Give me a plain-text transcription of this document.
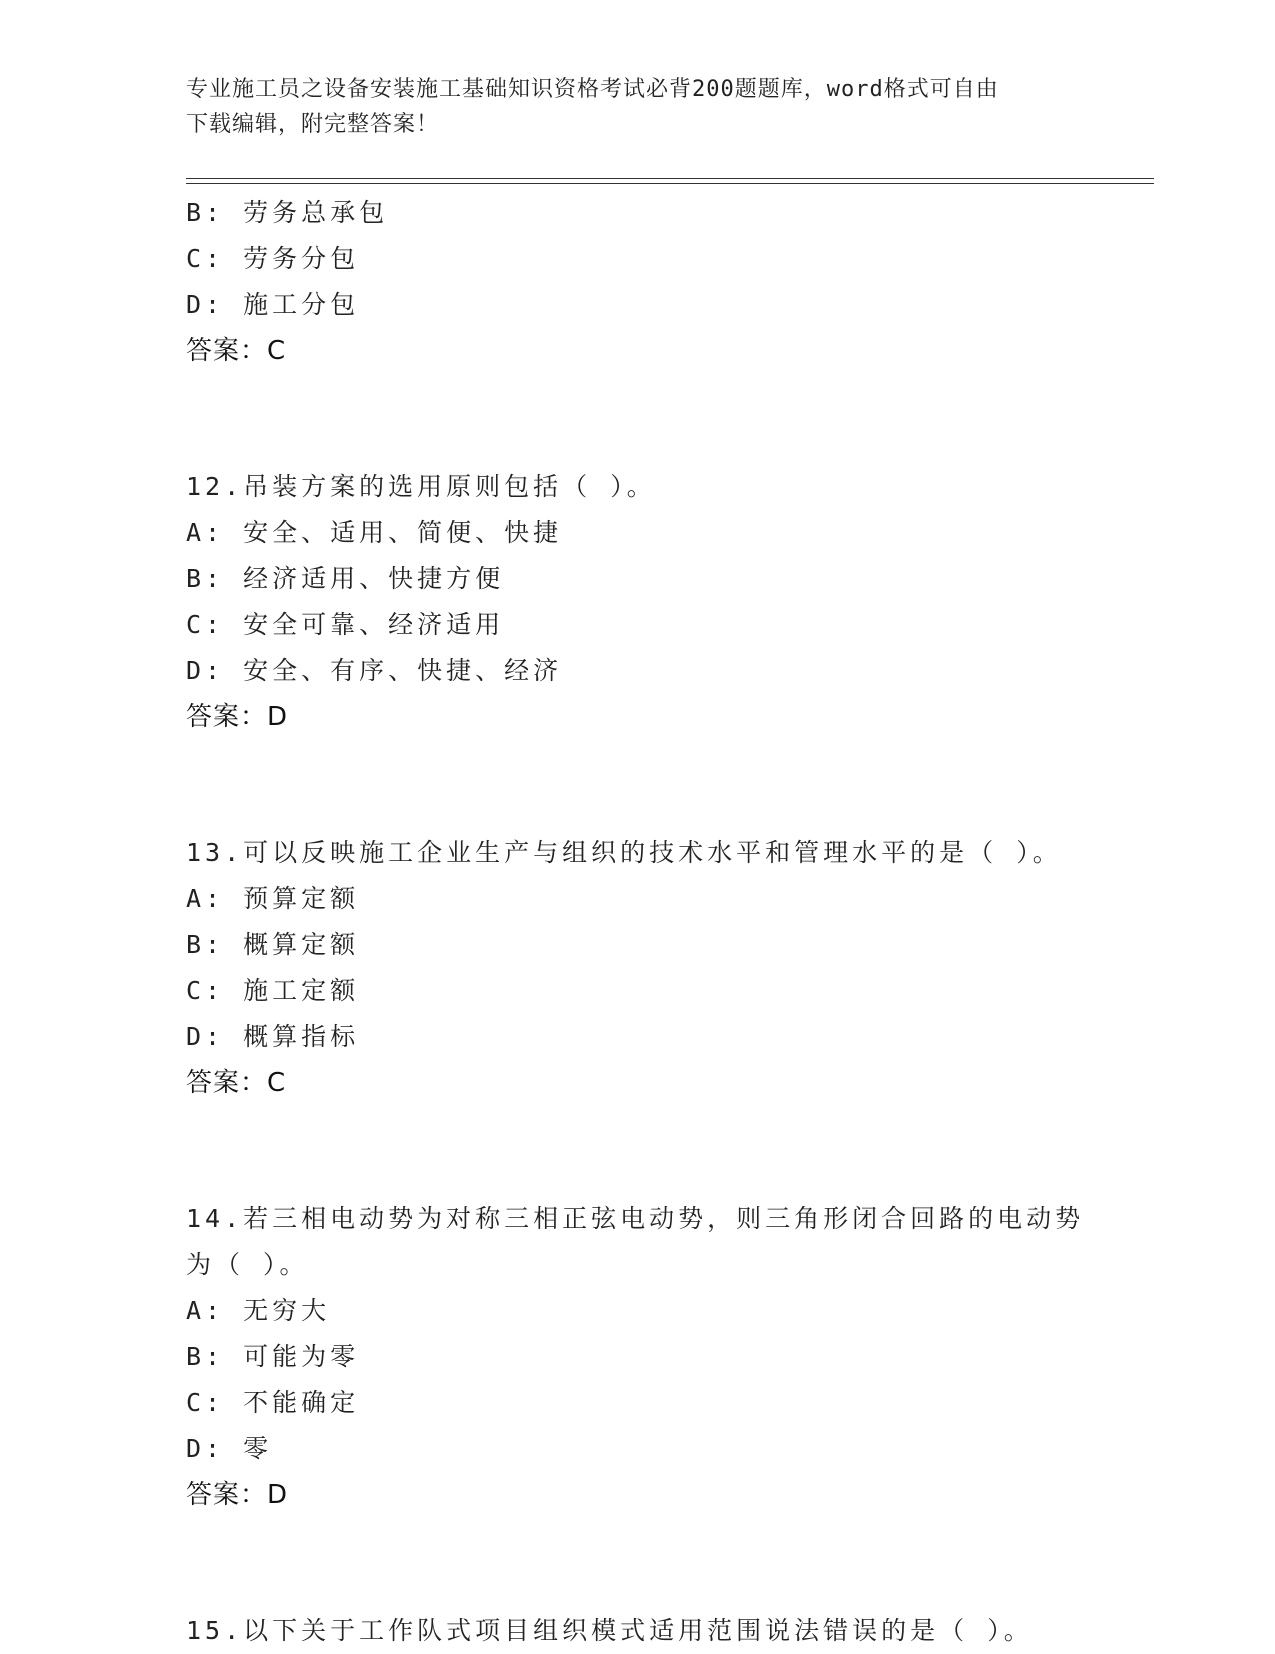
专业施工员之设备安装施工基础知识资格考试必背200题题库，word格式可自由
下载编辑，附完整答案！
B: 劳务总承包
C: 劳务分包
D: 施工分包
答案：C
12.吊装方案的选用原则包括（ ）。
A: 安全、适用、简便、快捷
B: 经济适用、快捷方便
C: 安全可靠、经济适用
D: 安全、有序、快捷、经济
答案：D
13.可以反映施工企业生产与组织的技术水平和管理水平的是（ ）。
A: 预算定额
B: 概算定额
C: 施工定额
D: 概算指标
答案：C
14.若三相电动势为对称三相正弦电动势，则三角形闭合回路的电动势
为（ ）。
A: 无穷大
B: 可能为零
C: 不能确定
D: 零
答案：D
15.以下关于工作队式项目组织模式适用范围说法错误的是（ ）。
